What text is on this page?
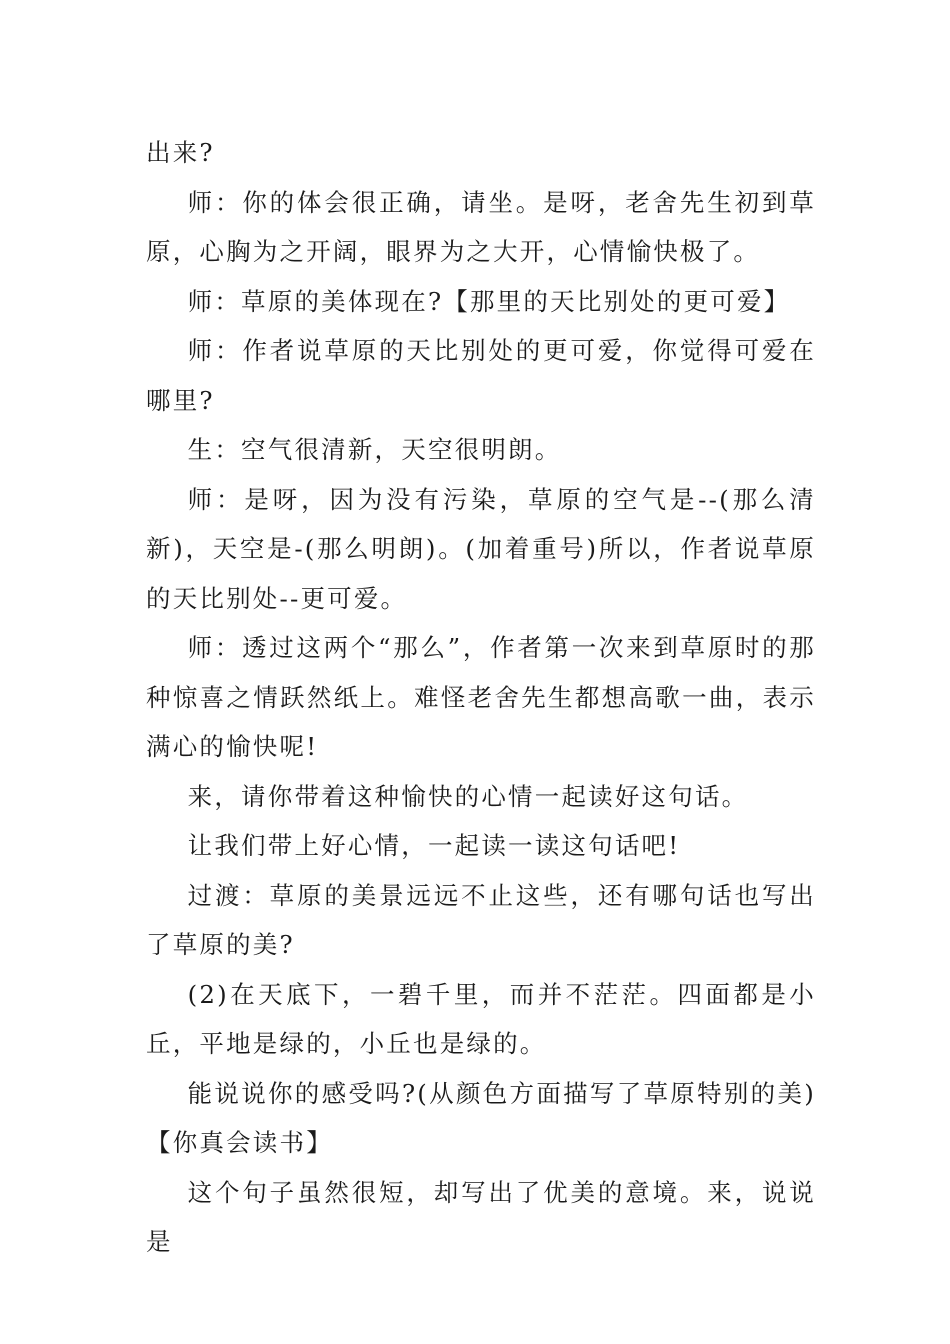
出来?

师：你的体会很正确，请坐。是呀，老舍先生初到草原，心胸为之开阔，眼界为之大开，心情愉快极了。

师：草原的美体现在?【那里的天比别处的更可爱】

师：作者说草原的天比别处的更可爱，你觉得可爱在哪里?

生：空气很清新，天空很明朗。

师：是呀，因为没有污染，草原的空气是--(那么清新)，天空是-(那么明朗)。(加着重号)所以，作者说草原的天比别处--更可爱。

师：透过这两个“那么”，作者第一次来到草原时的那种惊喜之情跃然纸上。难怪老舍先生都想高歌一曲，表示满心的愉快呢!

来，请你带着这种愉快的心情一起读好这句话。

让我们带上好心情，一起读一读这句话吧!

过渡：草原的美景远远不止这些，还有哪句话也写出了草原的美?

(2)在天底下，一碧千里，而并不茫茫。四面都是小丘，平地是绿的，小丘也是绿的。

能说说你的感受吗?(从颜色方面描写了草原特别的美)【你真会读书】

这个句子虽然很短，却写出了优美的意境。来，说说是
